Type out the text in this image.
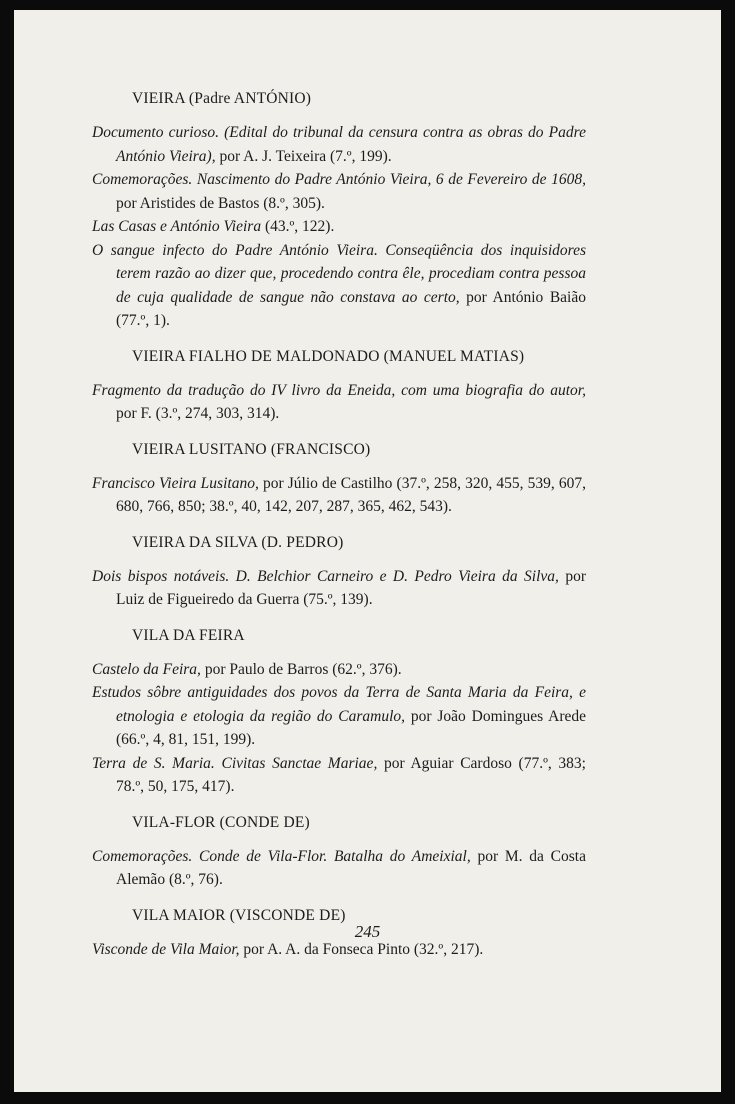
VIEIRA (Padre ANTÓNIO)

Documento curioso. (Edital do tribunal da censura contra as obras do Padre António Vieira), por A. J. Teixeira (7.º, 199).

Comemorações. Nascimento do Padre António Vieira, 6 de Fevereiro de 1608, por Aristides de Bastos (8.º, 305).

Las Casas e António Vieira (43.º, 122).

O sangue infecto do Padre António Vieira. Conseqüência dos inquisidores terem razão ao dizer que, procedendo contra êle, procediam contra pessoa de cuja qualidade de sangue não constava ao certo, por António Baião (77.º, 1).

VIEIRA FIALHO DE MALDONADO (MANUEL MATIAS)

Fragmento da tradução do IV livro da Eneida, com uma biografia do autor, por F. (3.º, 274, 303, 314).

VIEIRA LUSITANO (FRANCISCO)

Francisco Vieira Lusitano, por Júlio de Castilho (37.º, 258, 320, 455, 539, 607, 680, 766, 850; 38.º, 40, 142, 207, 287, 365, 462, 543).

VIEIRA DA SILVA (D. PEDRO)

Dois bispos notáveis. D. Belchior Carneiro e D. Pedro Vieira da Silva, por Luiz de Figueiredo da Guerra (75.º, 139).

VILA DA FEIRA

Castelo da Feira, por Paulo de Barros (62.º, 376).

Estudos sôbre antiguidades dos povos da Terra de Santa Maria da Feira, e etnologia e etologia da região do Caramulo, por João Domingues Arede (66.º, 4, 81, 151, 199).

Terra de S. Maria. Civitas Sanctae Mariae, por Aguiar Cardoso (77.º, 383; 78.º, 50, 175, 417).

VILA-FLOR (CONDE DE)

Comemorações. Conde de Vila-Flor. Batalha do Ameixial, por M. da Costa Alemão (8.º, 76).

VILA MAIOR (VISCONDE DE)

Visconde de Vila Maior, por A. A. da Fonseca Pinto (32.º, 217).

245
